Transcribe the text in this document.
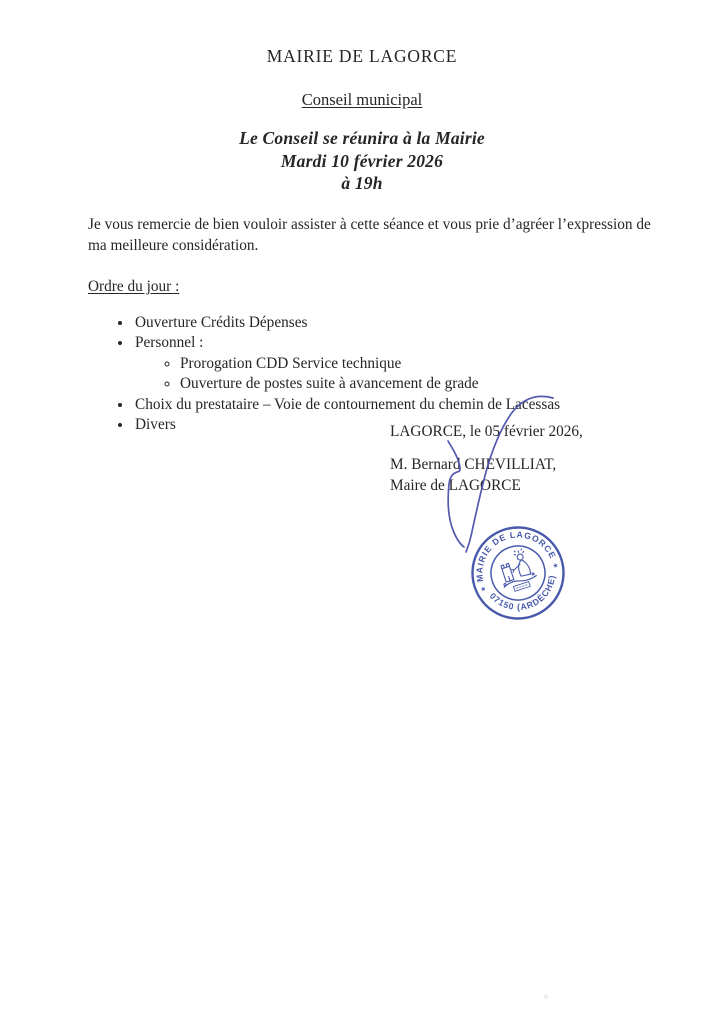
MAIRIE DE LAGORCE
Conseil municipal
Le Conseil se réunira à la Mairie
Mardi 10 février 2026
à 19h
Je vous remercie de bien vouloir assister à cette séance et vous prie d’agréer l’expression de ma meilleure considération.
Ordre du jour :
• Ouverture Crédits Dépenses
• Personnel :
◦ Prorogation CDD Service technique
◦ Ouverture de postes suite à avancement de grade
• Choix du prestataire – Voie de contournement du chemin de Lacessas
• Divers	LAGORCE, le 05 février 2026,
M. Bernard CHEVILLIAT,
Maire de LAGORCE
MAIRIE DE LAGORCE
07150 (ARDÈCHE)
★
★
